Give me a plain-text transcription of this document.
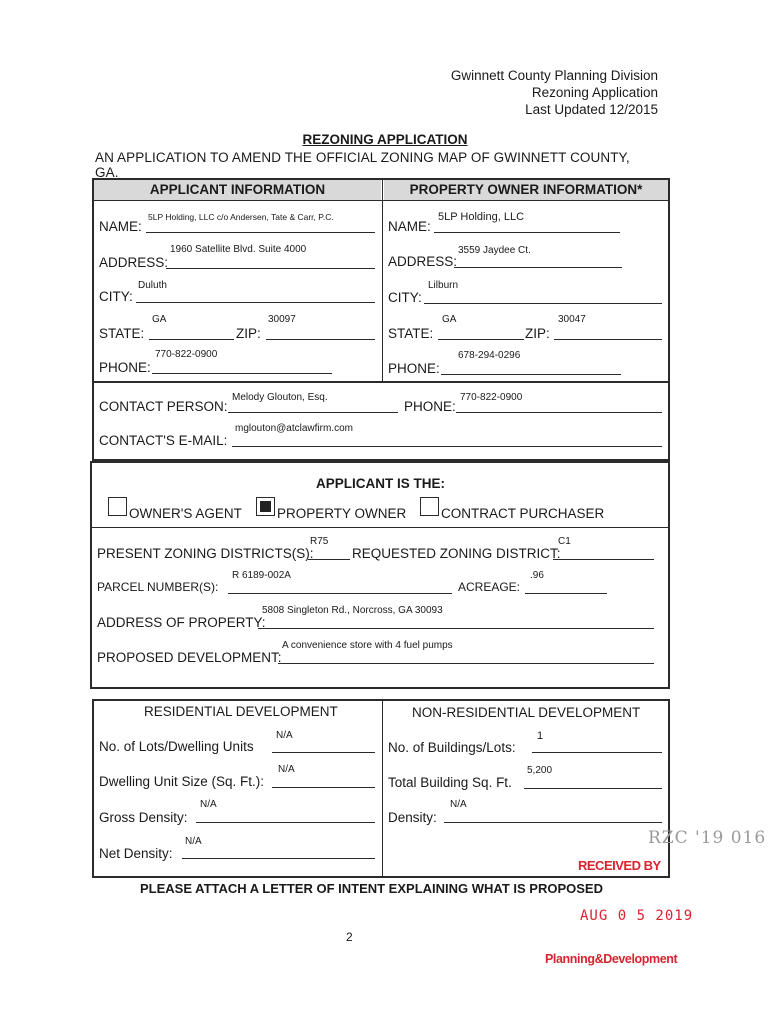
Gwinnett County Planning Division
Rezoning Application
Last Updated 12/2015
REZONING APPLICATION
AN APPLICATION TO AMEND THE OFFICIAL ZONING MAP OF GWINNETT COUNTY, GA.
APPLICANT INFORMATION	PROPERTY OWNER INFORMATION*
NAME:
5LP Holding, LLC c/o Andersen, Tate & Carr, P.C.
ADDRESS:
1960 Satellite Blvd. Suite 4000
CITY:
Duluth
STATE:
GA
ZIP:
30097
PHONE:
770-822-0900
NAME:
5LP Holding, LLC
ADDRESS:
3559 Jaydee Ct.
CITY:
Lilburn
STATE:
GA
ZIP:
30047
PHONE:
678-294-0296
CONTACT PERSON:
Melody Glouton, Esq.
PHONE:
770-822-0900
CONTACT'S E-MAIL:
mglouton@atclawfirm.com
APPLICANT IS THE:
OWNER'S AGENT	PROPERTY OWNER	CONTRACT PURCHASER
PRESENT ZONING DISTRICTS(S):
R75
REQUESTED ZONING DISTRICT:
C1
PARCEL NUMBER(S):
R 6189-002A
ACREAGE:
.96
ADDRESS OF PROPERTY:
5808 Singleton Rd., Norcross, GA 30093
PROPOSED DEVELOPMENT:
A convenience store with 4 fuel pumps
RESIDENTIAL DEVELOPMENT	NON-RESIDENTIAL DEVELOPMENT
No. of Lots/Dwelling Units
N/A
Dwelling Unit Size (Sq. Ft.):
N/A
Gross Density:
N/A
Net Density:
N/A
No. of Buildings/Lots:
1
Total Building Sq. Ft.
5,200
Density:
N/A
PLEASE ATTACH A LETTER OF INTENT EXPLAINING WHAT IS PROPOSED
2
RZC '19 016
RECEIVED BY
AUG 0 5 2019
Planning&Development
